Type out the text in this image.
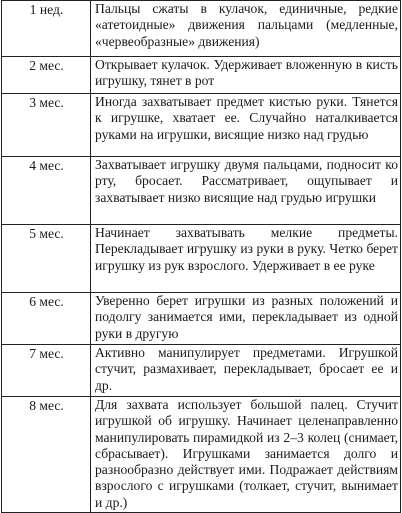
1 нед.	Пальцы сжаты в кулачок, единичные, редкие «атетоидные» движения пальцами (медленные, «червеобразные» движения)
2 мес.	Открывает кулачок. Удерживает вложенную в кисть игрушку, тянет в рот
3 мес.	Иногда захватывает предмет кистью руки. Тянется к игрушке, хватает ее. Случайно наталкивается руками на игрушки, висящие низко над грудью
4 мес.	Захватывает игрушку двумя пальцами, подносит ко рту, бросает. Рассматривает, ощупывает и захватывает низко висящие над грудью игрушки
5 мес.	Начинает захватывать мелкие предметы. Перекладывает игрушку из руки в руку. Четко берет игрушку из рук взрослого. Удерживает в ее руке
6 мес.	Уверенно берет игрушки из разных положений и подолгу занимается ими, перекладывает из одной руки в другую
7 мес.	Активно манипулирует предметами. Игрушкой стучит, размахивает, перекладывает, бросает ее и др.
8 мес.	Для захвата использует большой палец. Стучит игрушкой об игрушку. Начинает целенаправленно манипулировать пирамидкой из 2–3 колец (снимает, сбрасывает). Игрушками занимается долго и разнообразно действует ими. Подражает действиям взрослого с игрушками (толкает, стучит, вынимает и др.)
